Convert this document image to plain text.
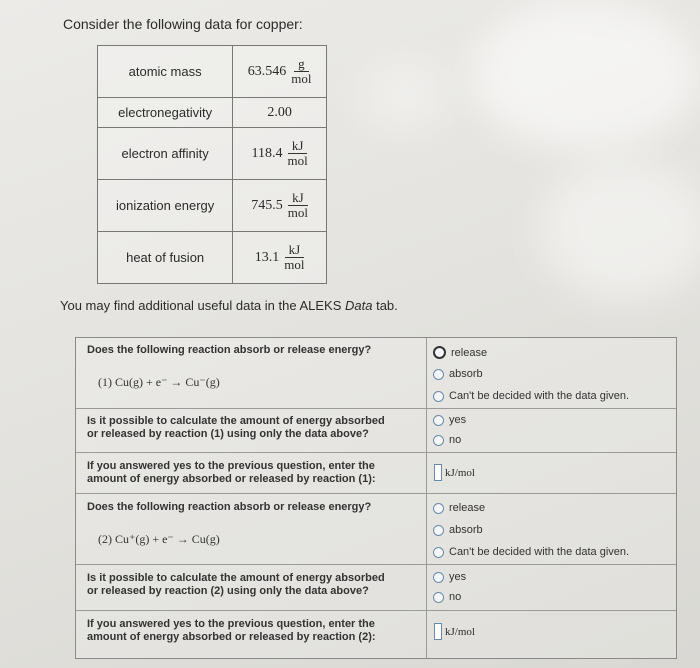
Consider the following data for copper:
atomic mass	$63.546 \frac{g}{\text{mol}}$

electronegativity	2.00

electron affinity	$118.4 \frac{kJ}{\text{mol}}$

ionization energy	$745.5 \frac{kJ}{\text{mol}}$

heat of fusion	$13.1 \frac{kJ}{\text{mol}}$
You may find additional useful data in the ALEKS Data tab.
Does the following reaction absorb or release energy?
(1) Cu(g) + e⁻ → Cu⁻(g)
release
absorb
Can't be decided with the data given.
Is it possible to calculate the amount of energy absorbed
or released by reaction (1) using only the data above?
yes
no
If you answered yes to the previous question, enter the
amount of energy absorbed or released by reaction (1):
kJ/mol
Does the following reaction absorb or release energy?
(2) Cu⁺(g) + e⁻ → Cu(g)
release
absorb
Can't be decided with the data given.
Is it possible to calculate the amount of energy absorbed
or released by reaction (2) using only the data above?
yes
no
If you answered yes to the previous question, enter the
amount of energy absorbed or released by reaction (2):	kJ/mol
